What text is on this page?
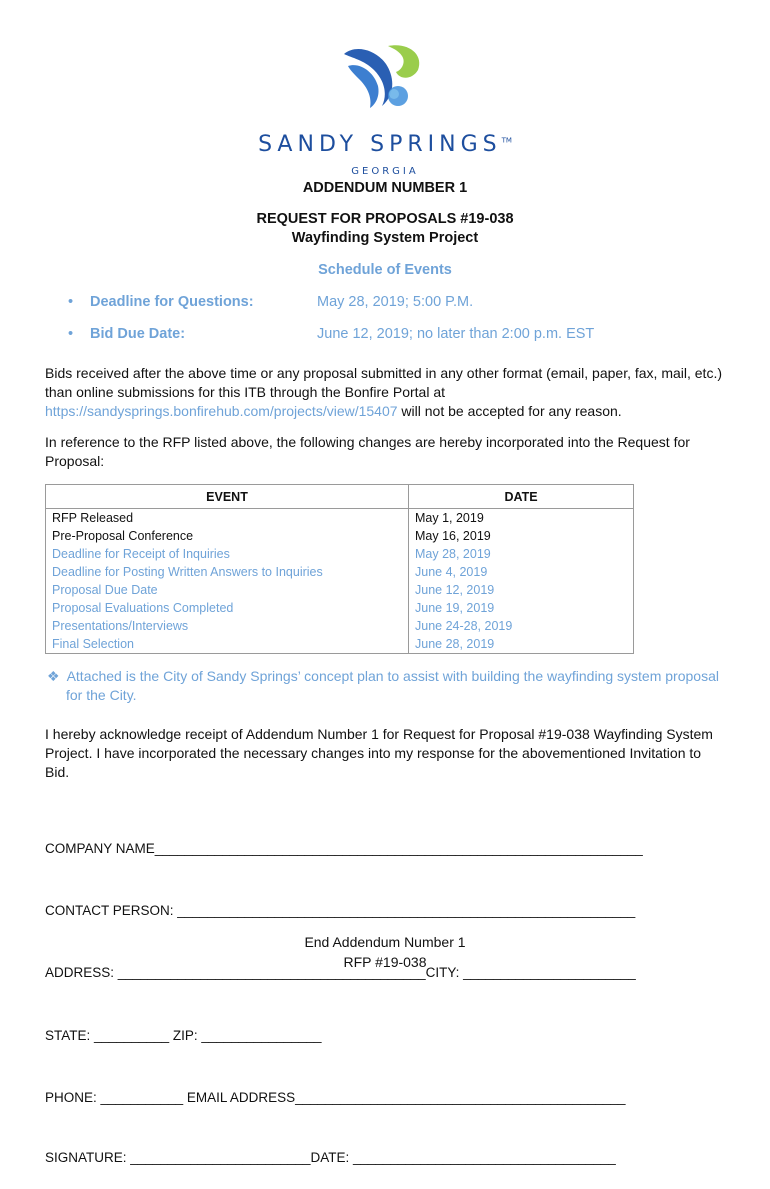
SANDY SPRINGS™
GEORGIA
ADDENDUM NUMBER 1
REQUEST FOR PROPOSALS #19-038
Wayfinding System Project
Schedule of Events
• Deadline for Questions:	May 28, 2019; 5:00 P.M.
• Bid Due Date:	June 12, 2019; no later than 2:00 p.m. EST
Bids received after the above time or any proposal submitted in any other format (email, paper, fax, mail, etc.)
than online submissions for this ITB through the Bonfire Portal at
https://sandysprings.bonfirehub.com/projects/view/15407 will not be accepted for any reason.
In reference to the RFP listed above, the following changes are hereby incorporated into the Request for
Proposal:
EVENT	DATE
RFP Released	May 1, 2019
Pre-Proposal Conference	May 16, 2019
Deadline for Receipt of Inquiries	May 28, 2019
Deadline for Posting Written Answers to Inquiries	June 4, 2019
Proposal Due Date	June 12, 2019
Proposal Evaluations Completed	June 19, 2019
Presentations/Interviews	June 24-28, 2019
Final Selection	June 28, 2019
❖ Attached is the City of Sandy Springs’ concept plan to assist with building the wayfinding system proposal
for the City.
I hereby acknowledge receipt of Addendum Number 1 for Request for Proposal #19-038 Wayfinding System
Project. I have incorporated the necessary changes into my response for the abovementioned Invitation to
Bid.

COMPANY NAME_________________________________________________________________

CONTACT PERSON: _____________________________________________________________

ADDRESS: _________________________________________CITY: _______________________

STATE: __________ ZIP: ________________

PHONE: ___________ EMAIL ADDRESS____________________________________________

SIGNATURE: ________________________DATE: ___________________________________

End Addendum Number 1
RFP #19-038
